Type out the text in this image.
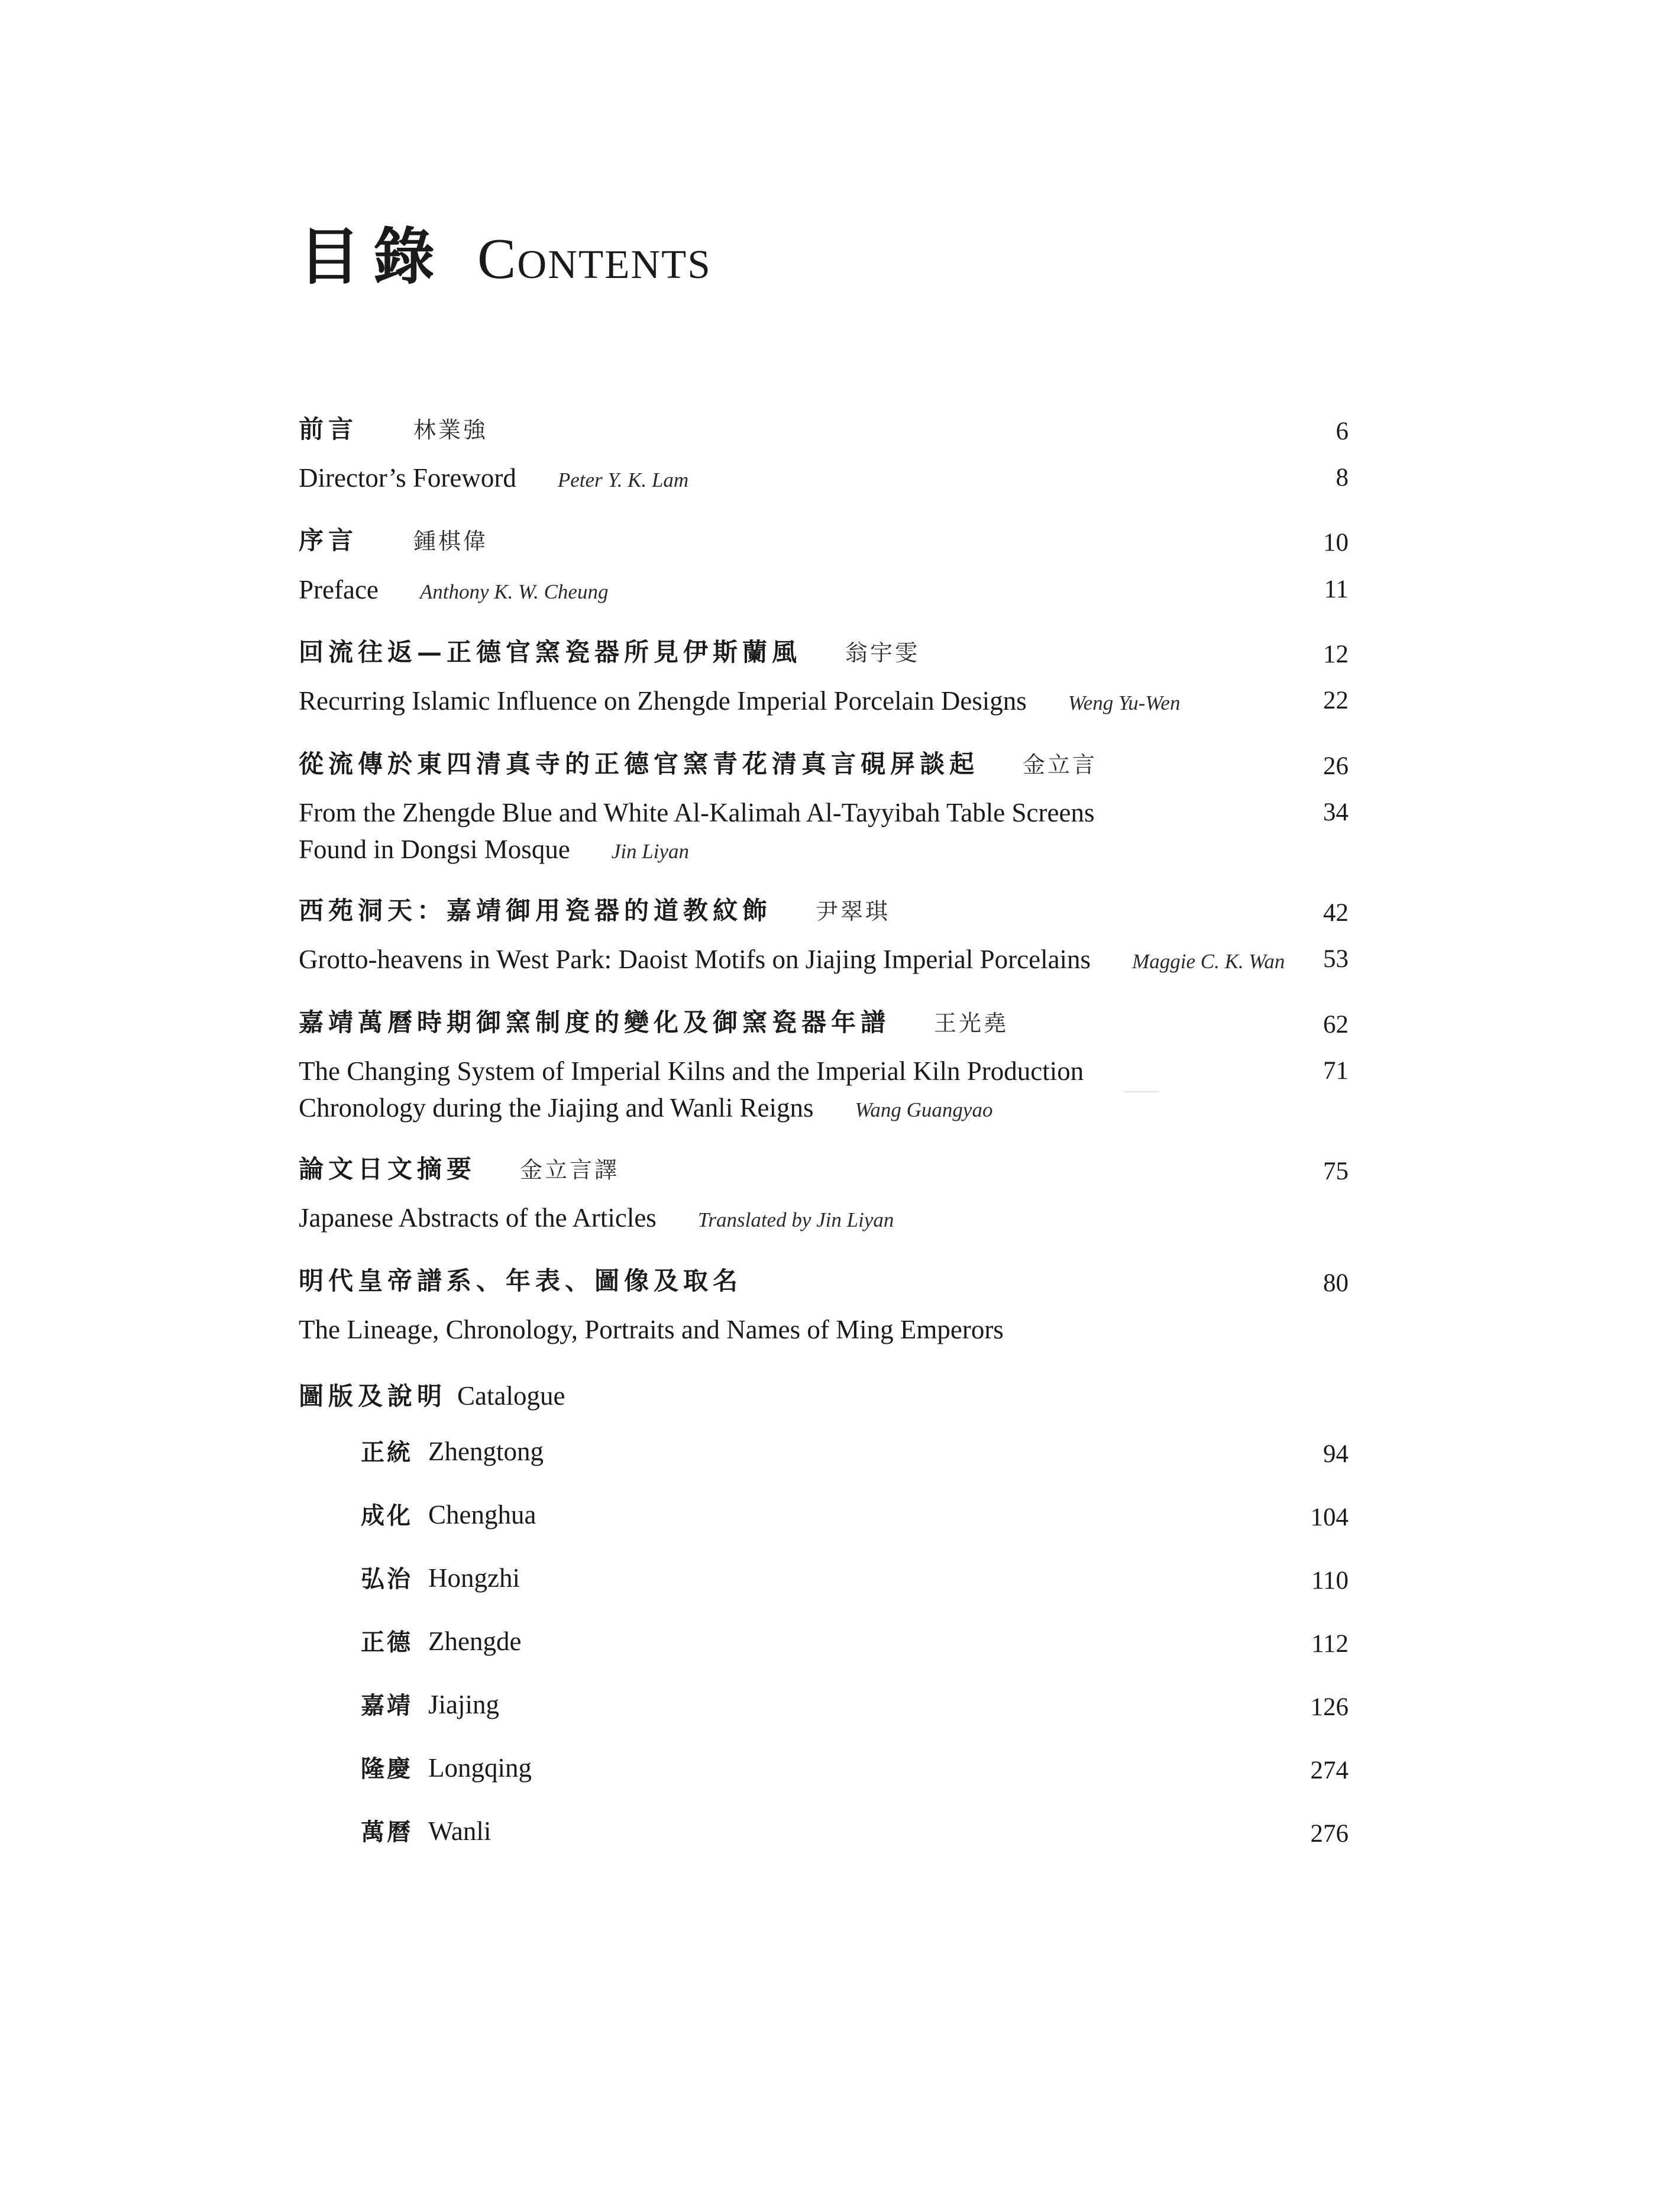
目錄 Contents
前言 林業強	6
Director’s Foreword Peter Y. K. Lam	8
序言 鍾棋偉	10
Preface Anthony K. W. Cheung	11
回流往返—正德官窯瓷器所見伊斯蘭風 翁宇雯	12
Recurring Islamic Influence on Zhengde Imperial Porcelain Designs Weng Yu-Wen	22
從流傳於東四清真寺的正德官窯青花清真言硯屏談起 金立言	26
From the Zhengde Blue and White Al-Kalimah Al-Tayyibah Table Screens	34
Found in Dongsi Mosque Jin Liyan
西苑洞天：嘉靖御用瓷器的道教紋飾 尹翠琪	42
Grotto-heavens in West Park: Daoist Motifs on Jiajing Imperial Porcelains Maggie C. K. Wan 53
嘉靖萬曆時期御窯制度的變化及御窯瓷器年譜 王光堯	62
The Changing System of Imperial Kilns and the Imperial Kiln Production	71
Chronology during the Jiajing and Wanli Reigns Wang Guangyao
論文日文摘要 金立言譯	75
Japanese Abstracts of the Articles Translated by Jin Liyan
明代皇帝譜系、年表、圖像及取名	80
The Lineage, Chronology, Portraits and Names of Ming Emperors
圖版及說明 Catalogue
正統 Zhengtong	94
成化 Chenghua	104
弘治 Hongzhi	110
正德 Zhengde	112
嘉靖 Jiajing	126
隆慶 Longqing	274
萬曆 Wanli	276
